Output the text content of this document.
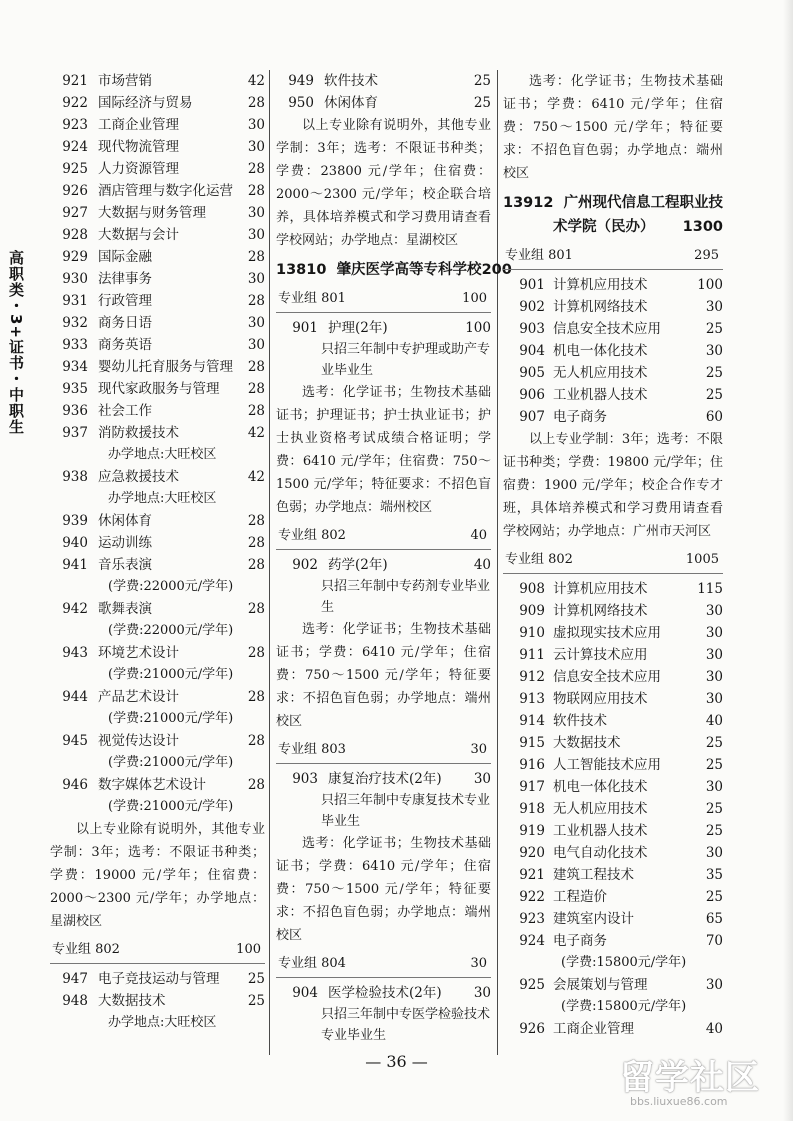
高职类・3+证书・中职生
921 市场营销	42
922 国际经济与贸易	28
923 工商企业管理	30
924 现代物流管理	30
925 人力资源管理	28
926 酒店管理与数字化运营	28
927 大数据与财务管理	30
928 大数据与会计	30
929 国际金融	28
930 法律事务	30
931 行政管理	28
932 商务日语	30
933 商务英语	30
934 婴幼儿托育服务与管理	28
935 现代家政服务与管理	28
936 社会工作	28
937 消防救援技术	42
办学地点:大旺校区
938 应急救援技术	42
办学地点:大旺校区
939 休闲体育	28
940 运动训练	28
941 音乐表演	28
(学费:22000元/学年)
942 歌舞表演	28
(学费:22000元/学年)
943 环境艺术设计	28
(学费:21000元/学年)
944 产品艺术设计	28
(学费:21000元/学年)
945 视觉传达设计	28
(学费:21000元/学年)
946 数字媒体艺术设计	28
(学费:21000元/学年)
以上专业除有说明外，其他专业学制：3年；选考：不限证书种类；学费：19000 元/学年；住宿费：2000～2300 元/学年；办学地点：星湖校区
专业组 802	100
947 电子竞技运动与管理	25
948 大数据技术	25
办学地点:大旺校区
949 软件技术	25
950 休闲体育	25
以上专业除有说明外，其他专业学制：3年；选考：不限证书种类；学费：23800 元/学年；住宿费：2000～2300 元/学年；校企联合培养，具体培养模式和学习费用请查看学校网站；办学地点：星湖校区
13810 肇庆医学高等专科学校 200
专业组 801	100
901 护理(2年)	100
只招三年制中专护理或助产专业毕业生
选考：化学证书；生物技术基础证书；护理证书；护士执业证书；护士执业资格考试成绩合格证明；学费：6410 元/学年；住宿费：750～1500 元/学年；特征要求：不招色盲色弱；办学地点：端州校区
专业组 802	40
902 药学(2年)	40
只招三年制中专药剂专业毕业生
选考：化学证书；生物技术基础证书；学费：6410 元/学年；住宿费：750～1500 元/学年；特征要求：不招色盲色弱；办学地点：端州校区
专业组 803	30
903 康复治疗技术(2年)	30
只招三年制中专康复技术专业毕业生
选考：化学证书；生物技术基础证书；学费：6410 元/学年；住宿费：750～1500 元/学年；特征要求：不招色盲色弱；办学地点：端州校区
专业组 804	30
904 医学检验技术(2年)	30
只招三年制中专医学检验技术专业毕业生
选考：化学证书；生物技术基础证书；学费：6410 元/学年；住宿费：750～1500 元/学年；特征要求：不招色盲色弱；办学地点：端州校区
13912 广州现代信息工程职业技
术学院（民办） 1300
专业组 801	295
901 计算机应用技术	100
902 计算机网络技术	30
903 信息安全技术应用	25
904 机电一体化技术	30
905 无人机应用技术	25
906 工业机器人技术	25
907 电子商务	60
以上专业学制：3年；选考：不限证书种类；学费：19800 元/学年；住宿费：1900 元/学年；校企合作专才班，具体培养模式和学习费用请查看学校网站；办学地点：广州市天河区
专业组 802	1005
908 计算机应用技术	115
909 计算机网络技术	30
910 虚拟现实技术应用	30
911 云计算技术应用	30
912 信息安全技术应用	30
913 物联网应用技术	30
914 软件技术	40
915 大数据技术	25
916 人工智能技术应用	25
917 机电一体化技术	30
918 无人机应用技术	25
919 工业机器人技术	25
920 电气自动化技术	30
921 建筑工程技术	35
922 工程造价	25
923 建筑室内设计	65
924 电子商务	70
(学费:15800元/学年)
925 会展策划与管理	30
(学费:15800元/学年)
926 工商企业管理	40
— 36 —	留学社区
bbs.liuxue86.com
